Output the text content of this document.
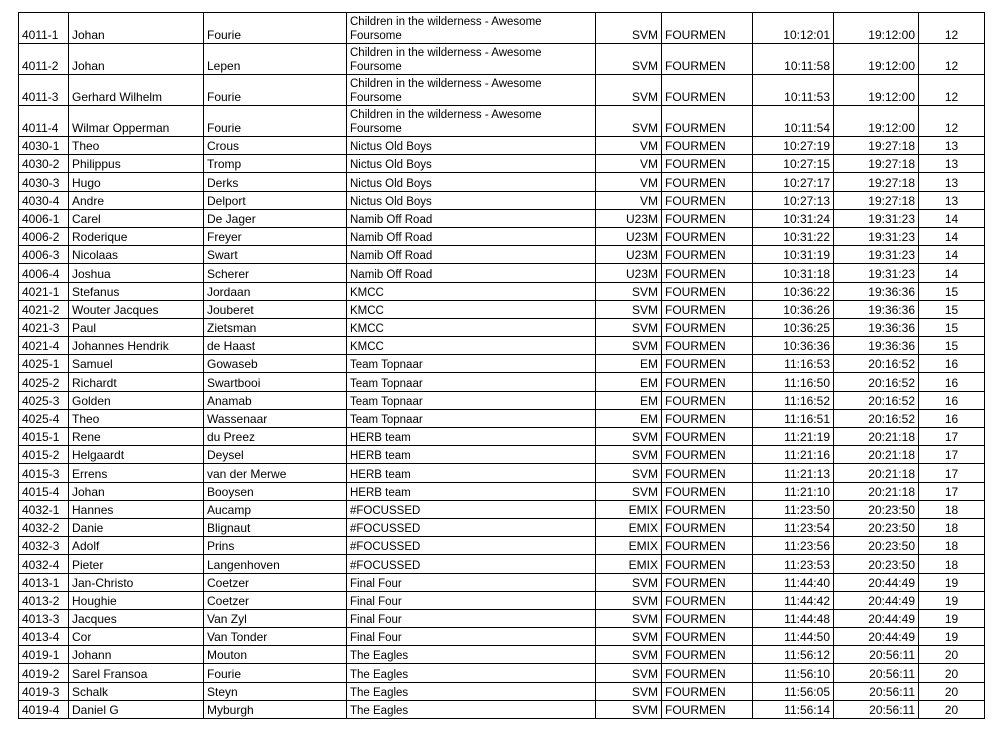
4011-1	Johan	Fourie	Children in the wilderness - Awesome Foursome	SVM	FOURMEN	10:12:01	19:12:00	12
4011-2	Johan	Lepen	Children in the wilderness - Awesome Foursome	SVM	FOURMEN	10:11:58	19:12:00	12
4011-3	Gerhard Wilhelm	Fourie	Children in the wilderness - Awesome Foursome	SVM	FOURMEN	10:11:53	19:12:00	12
4011-4	Wilmar Opperman	Fourie	Children in the wilderness - Awesome Foursome	SVM	FOURMEN	10:11:54	19:12:00	12
4030-1	Theo	Crous	Nictus Old Boys	VM	FOURMEN	10:27:19	19:27:18	13
4030-2	Philippus	Tromp	Nictus Old Boys	VM	FOURMEN	10:27:15	19:27:18	13
4030-3	Hugo	Derks	Nictus Old Boys	VM	FOURMEN	10:27:17	19:27:18	13
4030-4	Andre	Delport	Nictus Old Boys	VM	FOURMEN	10:27:13	19:27:18	13
4006-1	Carel	De Jager	Namib Off Road	U23M	FOURMEN	10:31:24	19:31:23	14
4006-2	Roderique	Freyer	Namib Off Road	U23M	FOURMEN	10:31:22	19:31:23	14
4006-3	Nicolaas	Swart	Namib Off Road	U23M	FOURMEN	10:31:19	19:31:23	14
4006-4	Joshua	Scherer	Namib Off Road	U23M	FOURMEN	10:31:18	19:31:23	14
4021-1	Stefanus	Jordaan	KMCC	SVM	FOURMEN	10:36:22	19:36:36	15
4021-2	Wouter Jacques	Jouberet	KMCC	SVM	FOURMEN	10:36:26	19:36:36	15
4021-3	Paul	Zietsman	KMCC	SVM	FOURMEN	10:36:25	19:36:36	15
4021-4	Johannes Hendrik	de Haast	KMCC	SVM	FOURMEN	10:36:36	19:36:36	15
4025-1	Samuel	Gowaseb	Team Topnaar	EM	FOURMEN	11:16:53	20:16:52	16
4025-2	Richardt	Swartbooi	Team Topnaar	EM	FOURMEN	11:16:50	20:16:52	16
4025-3	Golden	Anamab	Team Topnaar	EM	FOURMEN	11:16:52	20:16:52	16
4025-4	Theo	Wassenaar	Team Topnaar	EM	FOURMEN	11:16:51	20:16:52	16
4015-1	Rene	du Preez	HERB team	SVM	FOURMEN	11:21:19	20:21:18	17
4015-2	Helgaardt	Deysel	HERB team	SVM	FOURMEN	11:21:16	20:21:18	17
4015-3	Errens	van der Merwe	HERB team	SVM	FOURMEN	11:21:13	20:21:18	17
4015-4	Johan	Booysen	HERB team	SVM	FOURMEN	11:21:10	20:21:18	17
4032-1	Hannes	Aucamp	#FOCUSSED	EMIX	FOURMEN	11:23:50	20:23:50	18
4032-2	Danie	Blignaut	#FOCUSSED	EMIX	FOURMEN	11:23:54	20:23:50	18
4032-3	Adolf	Prins	#FOCUSSED	EMIX	FOURMEN	11:23:56	20:23:50	18
4032-4	Pieter	Langenhoven	#FOCUSSED	EMIX	FOURMEN	11:23:53	20:23:50	18
4013-1	Jan-Christo	Coetzer	Final Four	SVM	FOURMEN	11:44:40	20:44:49	19
4013-2	Houghie	Coetzer	Final Four	SVM	FOURMEN	11:44:42	20:44:49	19
4013-3	Jacques	Van Zyl	Final Four	SVM	FOURMEN	11:44:48	20:44:49	19
4013-4	Cor	Van Tonder	Final Four	SVM	FOURMEN	11:44:50	20:44:49	19
4019-1	Johann	Mouton	The Eagles	SVM	FOURMEN	11:56:12	20:56:11	20
4019-2	Sarel Fransoa	Fourie	The Eagles	SVM	FOURMEN	11:56:10	20:56:11	20
4019-3	Schalk	Steyn	The Eagles	SVM	FOURMEN	11:56:05	20:56:11	20
4019-4	Daniel G	Myburgh	The Eagles	SVM	FOURMEN	11:56:14	20:56:11	20
